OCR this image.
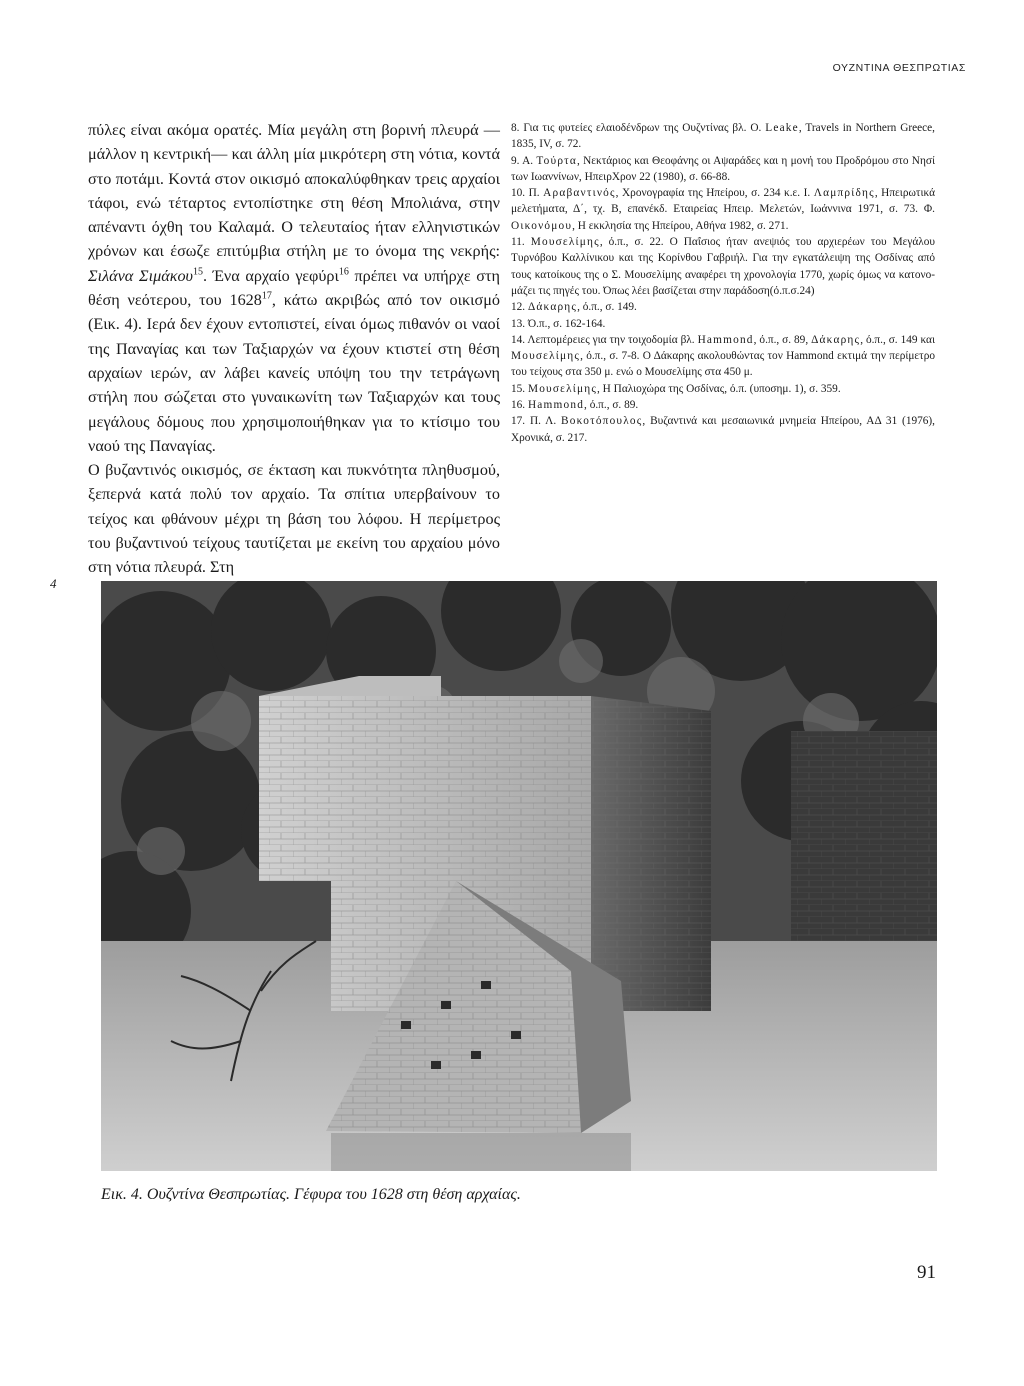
ΟΥΖΝΤΙΝΑ ΘΕΣΠΡΩΤΙΑΣ

πύλες είναι ακόμα ορατές. Μία μεγάλη στη βορινή πλευρά —μάλλον η κεντρική— και άλλη μία μικρότερη στη νότια, κοντά στο ποτάμι. Κοντά στον οικισμό αποκαλύφθηκαν τρεις αρχαίοι τάφοι, ενώ τέταρτος εντοπίστηκε στη θέση Μπολιάνα, στην απέναντι όχθη του Καλαμά. Ο τελευταίος ήταν ελληνιστικών χρόνων και έσωζε επιτύμβια στήλη με το όνομα της νεκρής: Σιλάνα Σιμάκου$^{15}$. Ένα αρχαίο γεφύρι$^{16}$ πρέπει να υπήρχε στη θέση νεότερου, του 1628$^{17}$, κάτω ακριβώς από τον οικισμό (Εικ. 4). Ιερά δεν έχουν εντοπιστεί, είναι όμως πιθανόν οι ναοί της Παναγίας και των Ταξιαρχών να έχουν κτιστεί στη θέση αρχαίων ιερών, αν λάβει κανείς υπόψη του την τετράγωνη στήλη που σώζεται στο γυναικωνίτη των Ταξιαρχών και τους μεγάλους δόμους που χρησιμοποιήθηκαν για το κτίσιμο του ναού της Παναγίας.

Ο βυζαντινός οικισμός, σε έκταση και πυκνότητα πληθυσμού, ξεπερνά κατά πολύ τον αρχαίο. Τα σπίτια υπερβαίνουν το τείχος και φθάνουν μέχρι τη βάση του λόφου. Η περίμετρος του βυζαντινού τείχους ταυτίζεται με εκείνη του αρχαίου μόνο στη νότια πλευρά. Στη

8. Για τις φυτείες ελαιοδένδρων της Ουζντίνας βλ. Ο. Leake, Travels in Northern Greece, 1835, IV, σ. 72.

9. Α. Τούρτα, Νεκτάριος και Θεοφάνης οι Αψαράδες και η μονή του Προδρόμου στο Νησί των Ιωαννίνων, ΗπειρΧρον 22 (1980), σ. 66-88.

10. Π. Αραβαντινός, Χρονογραφία της Ηπείρου, σ. 234 κ.ε. Ι. Λαμπρίδης, Ηπειρωτικά μελετήματα, Δ΄, τχ. Β, επανέκδ. Εταιρείας Ηπειρ. Μελετών, Ιωάννινα 1971, σ. 73. Φ. Οικονόμου, Η εκκλησία της Ηπείρου, Αθήνα 1982, σ. 271.

11. Μουσελίμης, ό.π., σ. 22. Ο Παΐσιος ήταν ανεψιός του αρχιερέων του Μεγάλου Τυρνόβου Καλλίνικου και της Κορίνθου Γαβριήλ. Για την εγκατάλειψη της Οσδίνας από τους κατοίκους της ο Σ. Μουσελίμης αναφέρει τη χρονολογία 1770, χωρίς όμως να κατονομάζει τις πηγές του. Όπως λέει βασίζεται στην παράδοση(ό.π.σ.24)

12. Δάκαρης, ό.π., σ. 149.

13. Ό.π., σ. 162-164.

14. Λεπτομέρειες για την τοιχοδομία βλ. Hammond, ό.π., σ. 89, Δάκαρης, ό.π., σ. 149 και Μουσελίμης, ό.π., σ. 7-8. Ο Δάκαρης ακολουθώντας τον Hammond εκτιμά την περίμετρο του τείχους στα 350 μ. ενώ ο Μουσελίμης στα 450 μ.

15. Μουσελίμης, Η Παλιοχώρα της Οσδίνας, ό.π. (υποσημ. 1), σ. 359.

16. Hammond, ό.π., σ. 89.

17. Π. Λ. Βοκοτόπουλος, Βυζαντινά και μεσαιωνικά μνημεία Ηπείρου, ΑΔ 31 (1976), Χρονικά, σ. 217.

4
Εικ. 4. Ουζντίνα Θεσπρωτίας. Γέφυρα του 1628 στη θέση αρχαίας.
91
